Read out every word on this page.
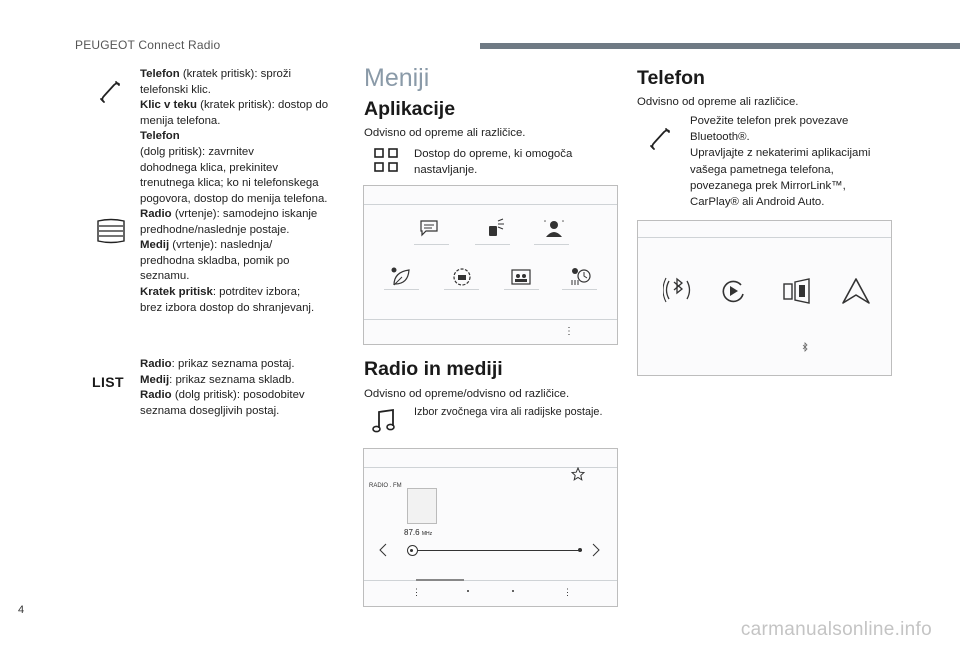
PEUGEOT Connect Radio
Telefon (kratek pritisk): sproži
telefonski klic.
Klic v teku (kratek pritisk): dostop do
menija telefona.
Telefon
(dolg pritisk): zavrnitev
dohodnega klica, prekinitev
trenutnega klica; ko ni telefonskega
pogovora, dostop do menija telefona.
Radio (vrtenje): samodejno iskanje
predhodne/naslednje postaje.
Medij (vrtenje): naslednja/
predhodna skladba, pomik po
seznamu.
Kratek pritisk: potrditev izbora;
brez izbora dostop do shranjevanj.
LIST
Radio: prikaz seznama postaj.
Medij: prikaz seznama skladb.
Radio (dolg pritisk): posodobitev
seznama dosegljivih postaj.
Meniji
Aplikacije
Odvisno od opreme ali različice.
Dostop do opreme, ki omogoča
nastavljanje.
⋮
Radio in mediji
Odvisno od opreme/odvisno od različice.
Izbor zvočnega vira ali radijske postaje.
RADIO . FM
87.6 MHz
⋮	⋮
Telefon
Odvisno od opreme ali različice.
Povežite telefon prek povezave
Bluetooth®.
Upravljajte z nekaterimi aplikacijami
vašega pametnega telefona,
povezanega prek MirrorLink™,
CarPlay® ali Android Auto.
4
carmanualsonline.info
